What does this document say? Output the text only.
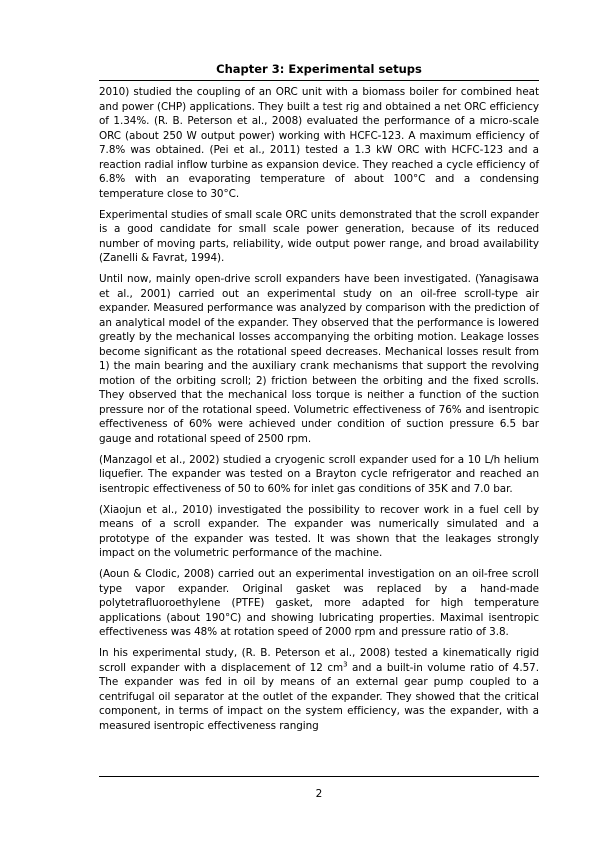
Chapter 3: Experimental setups

2010) studied the coupling of an ORC unit with a biomass boiler for combined heat and power (CHP) applications. They built a test rig and obtained a net ORC efficiency of 1.34%. (R. B. Peterson et al., 2008) evaluated the performance of a micro-scale ORC (about 250 W output power) working with HCFC-123. A maximum efficiency of 7.8% was obtained. (Pei et al., 2011) tested a 1.3 kW ORC with HCFC-123 and a reaction radial inflow turbine as expansion device. They reached a cycle efficiency of 6.8% with an evaporating temperature of about 100°C and a condensing temperature close to 30°C.

Experimental studies of small scale ORC units demonstrated that the scroll expander is a good candidate for small scale power generation, because of its reduced number of moving parts, reliability, wide output power range, and broad availability (Zanelli & Favrat, 1994).

Until now, mainly open-drive scroll expanders have been investigated. (Yanagisawa et al., 2001) carried out an experimental study on an oil-free scroll-type air expander. Measured performance was analyzed by comparison with the prediction of an analytical model of the expander. They observed that the performance is lowered greatly by the mechanical losses accompanying the orbiting motion. Leakage losses become significant as the rotational speed decreases. Mechanical losses result from 1) the main bearing and the auxiliary crank mechanisms that support the revolving motion of the orbiting scroll; 2) friction between the orbiting and the fixed scrolls. They observed that the mechanical loss torque is neither a function of the suction pressure nor of the rotational speed. Volumetric effectiveness of 76% and isentropic effectiveness of 60% were achieved under condition of suction pressure 6.5 bar gauge and rotational speed of 2500 rpm.

(Manzagol et al., 2002) studied a cryogenic scroll expander used for a 10 L/h helium liquefier. The expander was tested on a Brayton cycle refrigerator and reached an isentropic effectiveness of 50 to 60% for inlet gas conditions of 35K and 7.0 bar.

(Xiaojun et al., 2010) investigated the possibility to recover work in a fuel cell by means of a scroll expander. The expander was numerically simulated and a prototype of the expander was tested. It was shown that the leakages strongly impact on the volumetric performance of the machine.

(Aoun & Clodic, 2008) carried out an experimental investigation on an oil-free scroll type vapor expander. Original gasket was replaced by a hand-made polytetrafluoroethylene (PTFE) gasket, more adapted for high temperature applications (about 190°C) and showing lubricating properties. Maximal isentropic effectiveness was 48% at rotation speed of 2000 rpm and pressure ratio of 3.8.

In his experimental study, (R. B. Peterson et al., 2008) tested a kinematically rigid scroll expander with a displacement of 12 $cm^3$ and a built-in volume ratio of 4.57. The expander was fed in oil by means of an external gear pump coupled to a centrifugal oil separator at the outlet of the expander. They showed that the critical component, in terms of impact on the system efficiency, was the expander, with a measured isentropic effectiveness ranging

2
